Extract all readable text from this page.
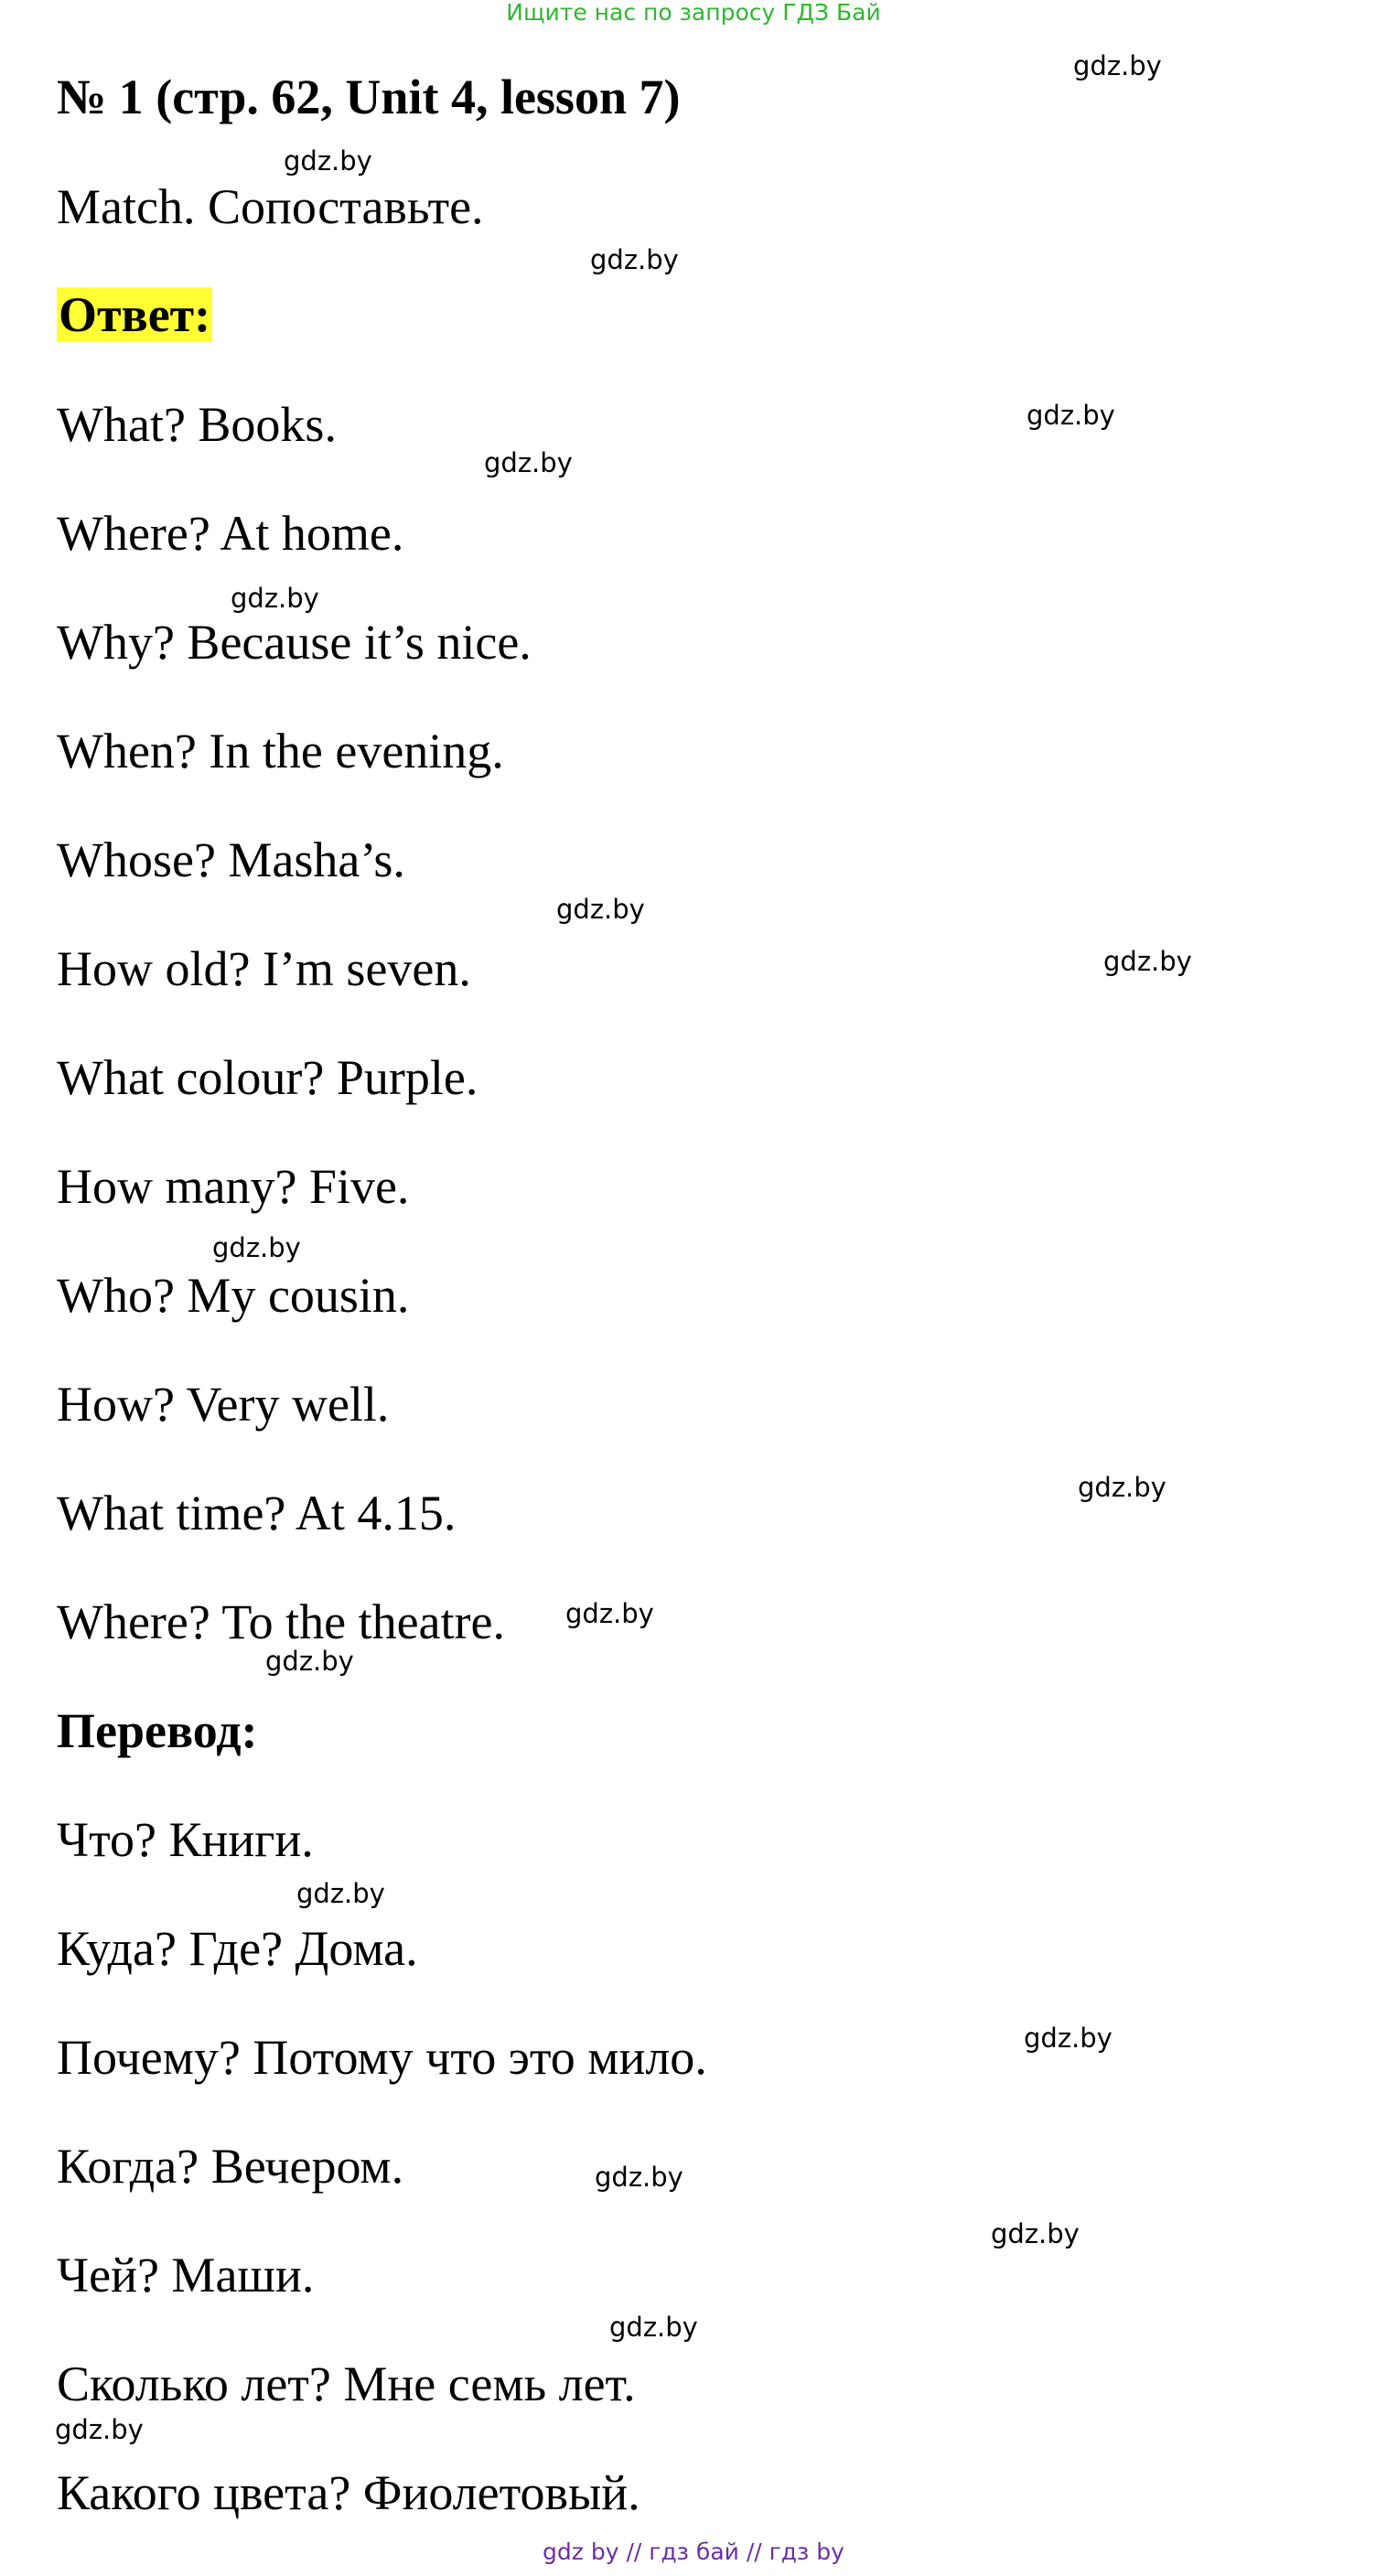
Ищите нас по запросу ГДЗ Бай
№ 1 (стр. 62, Unit 4, lesson 7)
Match. Сопоставьте.
Ответ:
What? Books.
Where? At home.
Why? Because it’s nice.
When? In the evening.
Whose? Masha’s.
How old? I’m seven.
What colour? Purple.
How many? Five.
Who? My cousin.
How? Very well.
What time? At 4.15.
Where? To the theatre.
Перевод:
Что? Книги.
Куда? Где? Дома.
Почему? Потому что это мило.
Когда? Вечером.
Чей? Маши.
Сколько лет? Мне семь лет.
Какого цвета? Фиолетовый.
gdz.by
gdz.by
gdz.by
gdz.by
gdz.by
gdz.by
gdz.by
gdz.by
gdz.by
gdz.by
gdz.by
gdz.by
gdz.by
gdz.by
gdz.by
gdz.by
gdz.by
gdz.by
gdz by // гдз бай // гдз by
